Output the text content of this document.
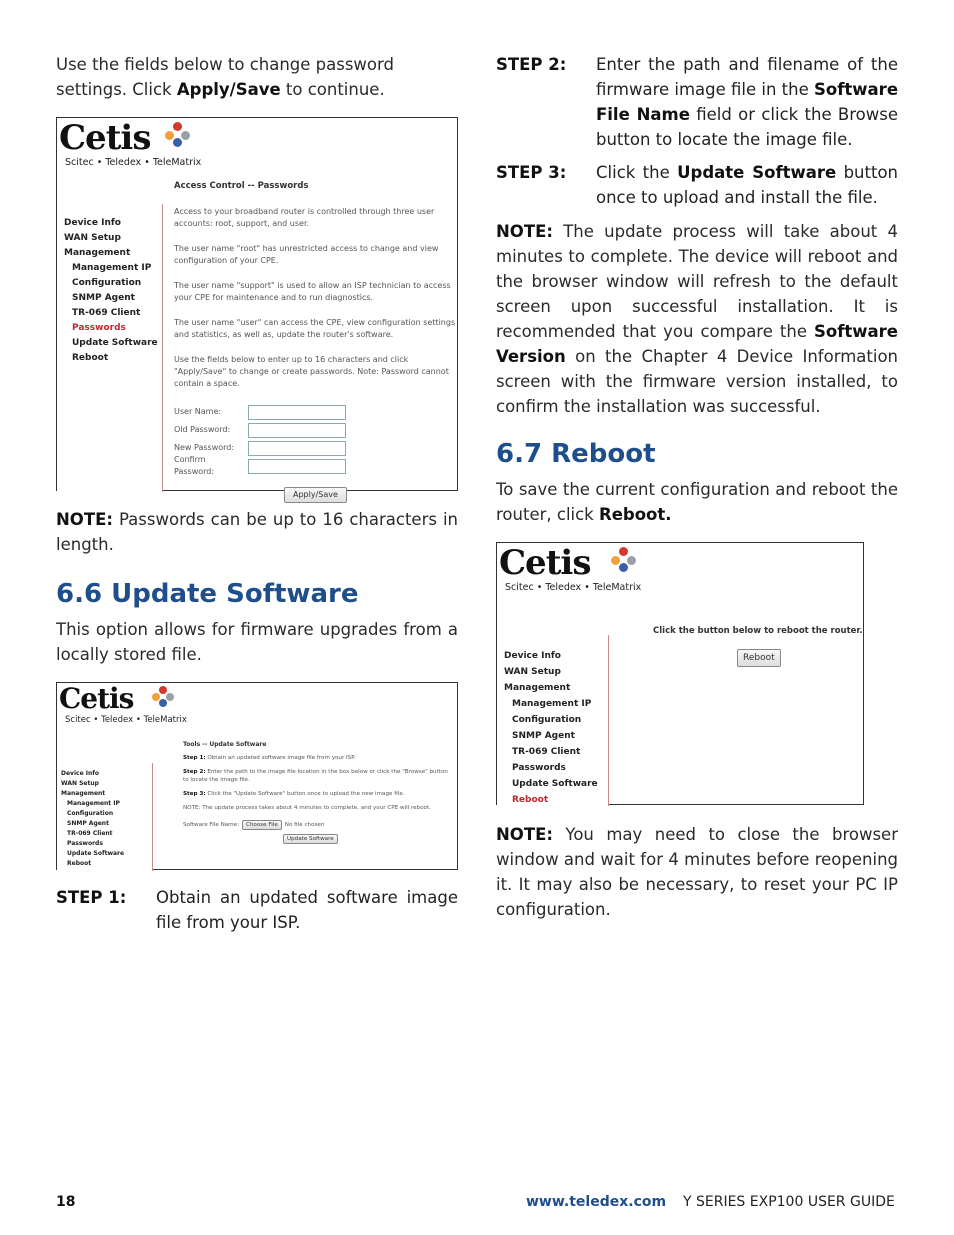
Use the fields below to change password settings. Click Apply/Save to continue.
Cetis
Scitec • Teledex • TeleMatrix
Access Control -- Passwords
Device Info
WAN Setup
Management
Management IP
Configuration
SNMP Agent
TR-069 Client
Passwords
Update Software
Reboot

Access to your broadband router is controlled through three user accounts: root, support, and user.

The user name "root" has unrestricted access to change and view configuration of your CPE.

The user name "support" is used to allow an ISP technician to access your CPE for maintenance and to run diagnostics.

The user name "user" can access the CPE, view configuration settings and statistics, as well as, update the router's software.

Use the fields below to enter up to 16 characters and click "Apply/Save" to change or create passwords. Note: Password cannot contain a space.

User Name:
Old Password:
New Password:
Confirm Password:
Apply/Save
NOTE: Passwords can be up to 16 characters in length.
6.6 Update Software
This option allows for firmware upgrades from a locally stored file.
Cetis
Scitec • Teledex • TeleMatrix
Device Info
WAN Setup
Management
Management IP
Configuration
SNMP Agent
TR-069 Client
Passwords
Update Software
Reboot
Tools -- Update Software

Step 1: Obtain an updated software image file from your ISP.

Step 2: Enter the path to the image file location in the box below or click the "Browse" button to locate the image file.

Step 3: Click the "Update Software" button once to upload the new image file.

NOTE: The update process takes about 4 minutes to complete, and your CPE will reboot.

Software File Name:	Choose File	No file chosen
Update Software
STEP 1:	Obtain an updated software image file from your ISP.
STEP 2:	Enter the path and filename of the firmware image file in the Software File Name field or click the Browse button to locate the image file.
STEP 3:	Click the Update Software button once to upload and install the file.
NOTE: The update process will take about 4 minutes to complete. The device will reboot and the browser window will refresh to the default screen upon successful installation. It is recommended that you compare the Software Version on the Chapter 4 Device Information screen with the firmware version installed, to confirm the installation was successful.
6.7 Reboot
To save the current configuration and reboot the router, click Reboot.
Cetis
Scitec • Teledex • TeleMatrix
Device Info
WAN Setup
Management
Management IP
Configuration
SNMP Agent
TR-069 Client
Passwords
Update Software
Reboot
Click the button below to reboot the router.
Reboot
NOTE: You may need to close the browser window and wait for 4 minutes before reopening it. It may also be necessary, to reset your PC IP configuration.
18	www.teledex.com Y SERIES EXP100 USER GUIDE
